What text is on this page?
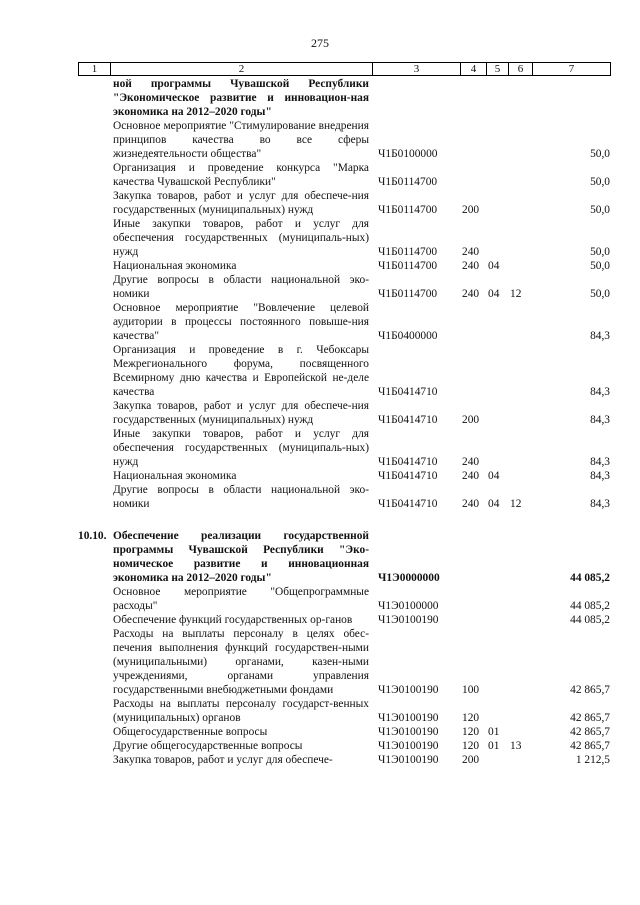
275
1	2	3	4	5	6	7
	ной программы Чувашской Республики "Экономическое развитие и инновацион-ная экономика на 2012–2020 годы"					
	Основное мероприятие "Стимулирование внедрения принципов качества во все сферы жизнедеятельности общества"	Ч1Б0100000				50,0
	Организация и проведение конкурса "Марка качества Чувашской Республики"	Ч1Б0114700				50,0
	Закупка товаров, работ и услуг для обеспече-ния государственных (муниципальных) нужд	Ч1Б0114700	200			50,0
	Иные закупки товаров, работ и услуг для обеспечения государственных (муниципаль-ных) нужд	Ч1Б0114700	240			50,0
	Национальная экономика	Ч1Б0114700	240	04		50,0
	Другие вопросы в области национальной эко-номики	Ч1Б0114700	240	04	12	50,0
	Основное мероприятие "Вовлечение целевой аудитории в процессы постоянного повыше-ния качества"	Ч1Б0400000				84,3
	Организация и проведение в г. Чебоксары Межрегионального форума, посвященного Всемирному дню качества и Европейской не-деле качества	Ч1Б0414710				84,3
	Закупка товаров, работ и услуг для обеспече-ния государственных (муниципальных) нужд	Ч1Б0414710	200			84,3
	Иные закупки товаров, работ и услуг для обеспечения государственных (муниципаль-ных) нужд	Ч1Б0414710	240			84,3
	Национальная экономика	Ч1Б0414710	240	04		84,3
	Другие вопросы в области национальной эко-номики	Ч1Б0414710	240	04	12	84,3

10.10.	Обеспечение реализации государственной программы Чувашской Республики "Эко-номическое развитие и инновационная экономика на 2012–2020 годы"	Ч1Э0000000				44 085,2
	Основное мероприятие "Общепрограммные расходы"	Ч1Э0100000				44 085,2
	Обеспечение функций государственных ор-ганов	Ч1Э0100190				44 085,2
	Расходы на выплаты персоналу в целях обес-печения выполнения функций государствен-ными (муниципальными) органами, казен-ными учреждениями, органами управления государственными внебюджетными фондами	Ч1Э0100190	100			42 865,7
	Расходы на выплаты персоналу государст-венных (муниципальных) органов	Ч1Э0100190	120			42 865,7
	Общегосударственные вопросы	Ч1Э0100190	120	01		42 865,7
	Другие общегосударственные вопросы	Ч1Э0100190	120	01	13	42 865,7
	Закупка товаров, работ и услуг для обеспече-	Ч1Э0100190	200			1 212,5
